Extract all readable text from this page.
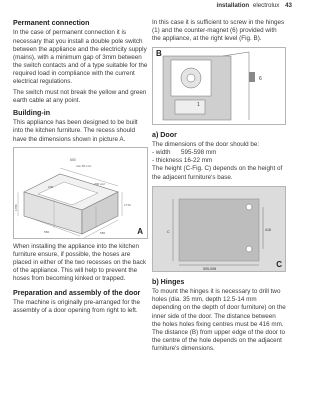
installation electrolux 43
Permanent connection

In the case of permanent connection it is necessary that you install a double pole switch between the appliance and the electricity supply (mains), with a minimum gap of 3mm between the switch contacts and of a type suitable for the required load in compliance with the current electrical regulations.

The switch must not break the yellow and green earth cable at any point.

Building-in

This appliance has been designed to be built into the kitchen furniture. The recess should have the dimensions shown in picture A.

600
min 50 cm²
200
200 cm²
1780	1772
560	550	A

When installing the appliance into the kitchen furniture ensure, if possible, the hoses are placed in either of the two recesses on the back of the appliance. This will help to prevent the hoses from becoming kinked or trapped.

Preparation and assembly of the door

The machine is originally pre-arranged for the assembly of a door opening from right to left.

In this case it is sufficient to screw in the hinges (1) and the counter-magnet (6) provided with the appliance, at the right level (Fig. B).

1
6
B
a) Door

The dimensions of the door should be:

- width      595-598 mm

- thickness 16-22 mm

The height (C-Fig. C) depends on the height of the adjacent furniture's base.

595-598
416
C
C
b) Hinges

To mount the hinges it is necessary to drill two holes (dia. 35 mm, depth 12.5-14 mm depending on the depth of door furniture) on the inner side of the door. The distance between the holes holes fixing centres must be 416 mm.

The distance (B) from upper edge of the door to the centre of the hole depends on the adjacent furniture's dimensions.
